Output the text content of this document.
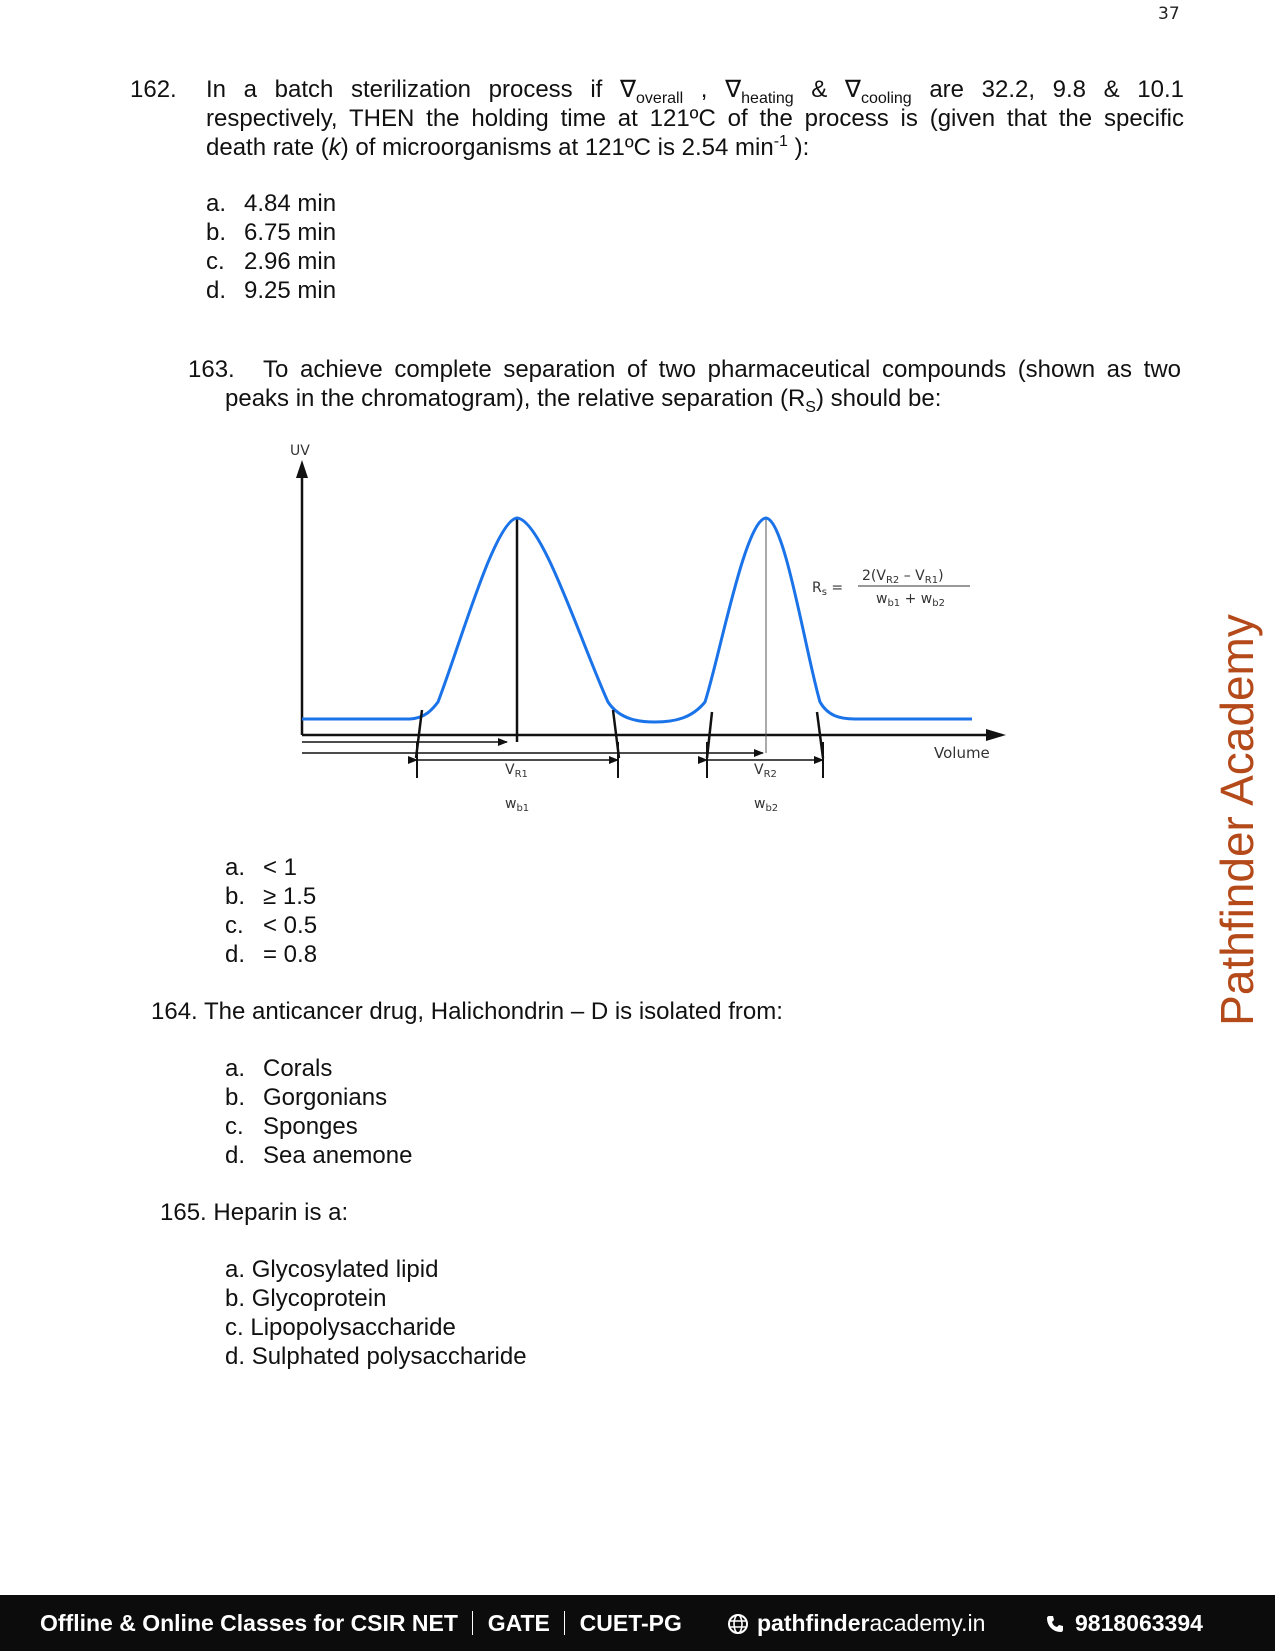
37
162. In a batch sterilization process if $\nabla_{overall}$ , $\nabla_{heating}$ & $\nabla_{cooling}$ are 32.2, 9.8 & 10.1
respectively, THEN the holding time at 121ºC of the process is (given that the specific
death rate (k) of microorganisms at 121ºC is 2.54 $\min^{-1}$ ):
a. 4.84 min
b. 6.75 min
c. 2.96 min
d. 9.25 min
163. To achieve complete separation of two pharmaceutical compounds (shown as two
peaks in the chromatogram), the relative separation $(R_S)$ should be:
UV
Volume
$V_{R1}$	$V_{R2}$
$w_{b1}$	$w_{b2}$
$R_s$ =
$2(V_{R2} - V_{R1})$
$w_{b1} + w_{b2}$
a. < 1
b. ≥ 1.5
c. < 0.5
d. = 0.8
164. The anticancer drug, Halichondrin – D is isolated from:
a. Corals
b. Gorgonians
c. Sponges
d. Sea anemone
165. Heparin is a:
a. Glycosylated lipid
b. Glycoprotein
c. Lipopolysaccharide
d. Sulphated polysaccharide
Pathfinder Academy
Offline & Online Classes for CSIR NET GATE CUET-PG	pathfinderacademy.in	9818063394
